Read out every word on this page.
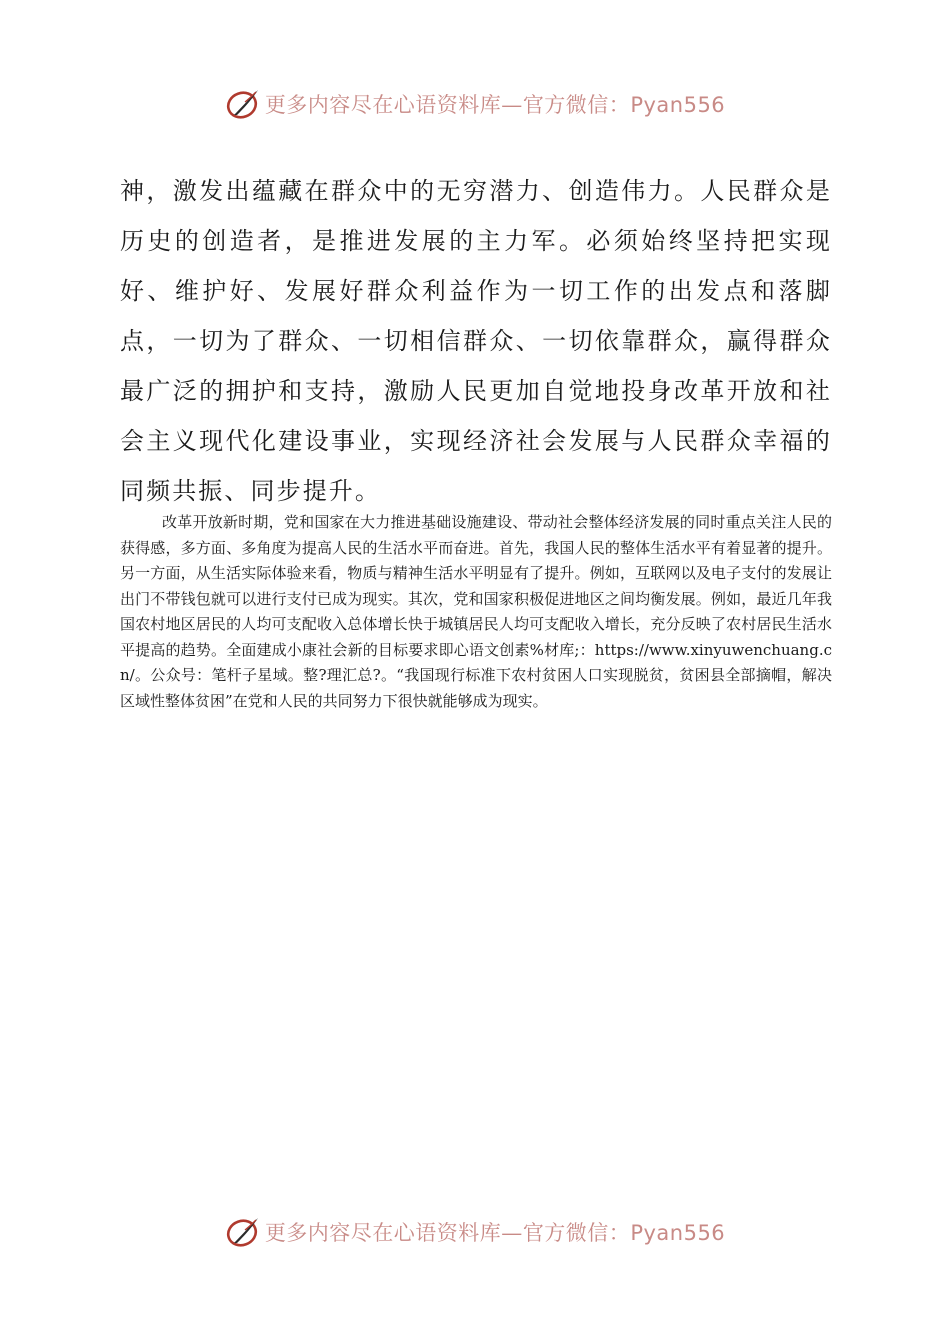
更多内容尽在心语资料库—官方微信：Pyan556

神，激发出蕴藏在群众中的无穷潜力、创造伟力。人民群众是历史的创造者，是推进发展的主力军。必须始终坚持把实现好、维护好、发展好群众利益作为一切工作的出发点和落脚点，一切为了群众、一切相信群众、一切依靠群众，赢得群众最广泛的拥护和支持，激励人民更加自觉地投身改革开放和社会主义现代化建设事业，实现经济社会发展与人民群众幸福的同频共振、同步提升。

改革开放新时期，党和国家在大力推进基础设施建设、带动社会整体经济发展的同时重点关注人民的获得感，多方面、多角度为提高人民的生活水平而奋进。首先，我国人民的整体生活水平有着显著的提升。另一方面，从生活实际体验来看，物质与精神生活水平明显有了提升。例如，互联网以及电子支付的发展让出门不带钱包就可以进行支付已成为现实。其次，党和国家积极促进地区之间均衡发展。例如，最近几年我国农村地区居民的人均可支配收入总体增长快于城镇居民人均可支配收入增长，充分反映了农村居民生活水平提高的趋势。全面建成小康社会新的目标要求即心语文创素%材库;：https://www.xinyuwenchuang.cn/。公众号：笔杆子星域。整?理汇总?。“我国现行标准下农村贫困人口实现脱贫，贫困县全部摘帽，解决区域性整体贫困”在党和人民的共同努力下很快就能够成为现实。

更多内容尽在心语资料库—官方微信：Pyan556
